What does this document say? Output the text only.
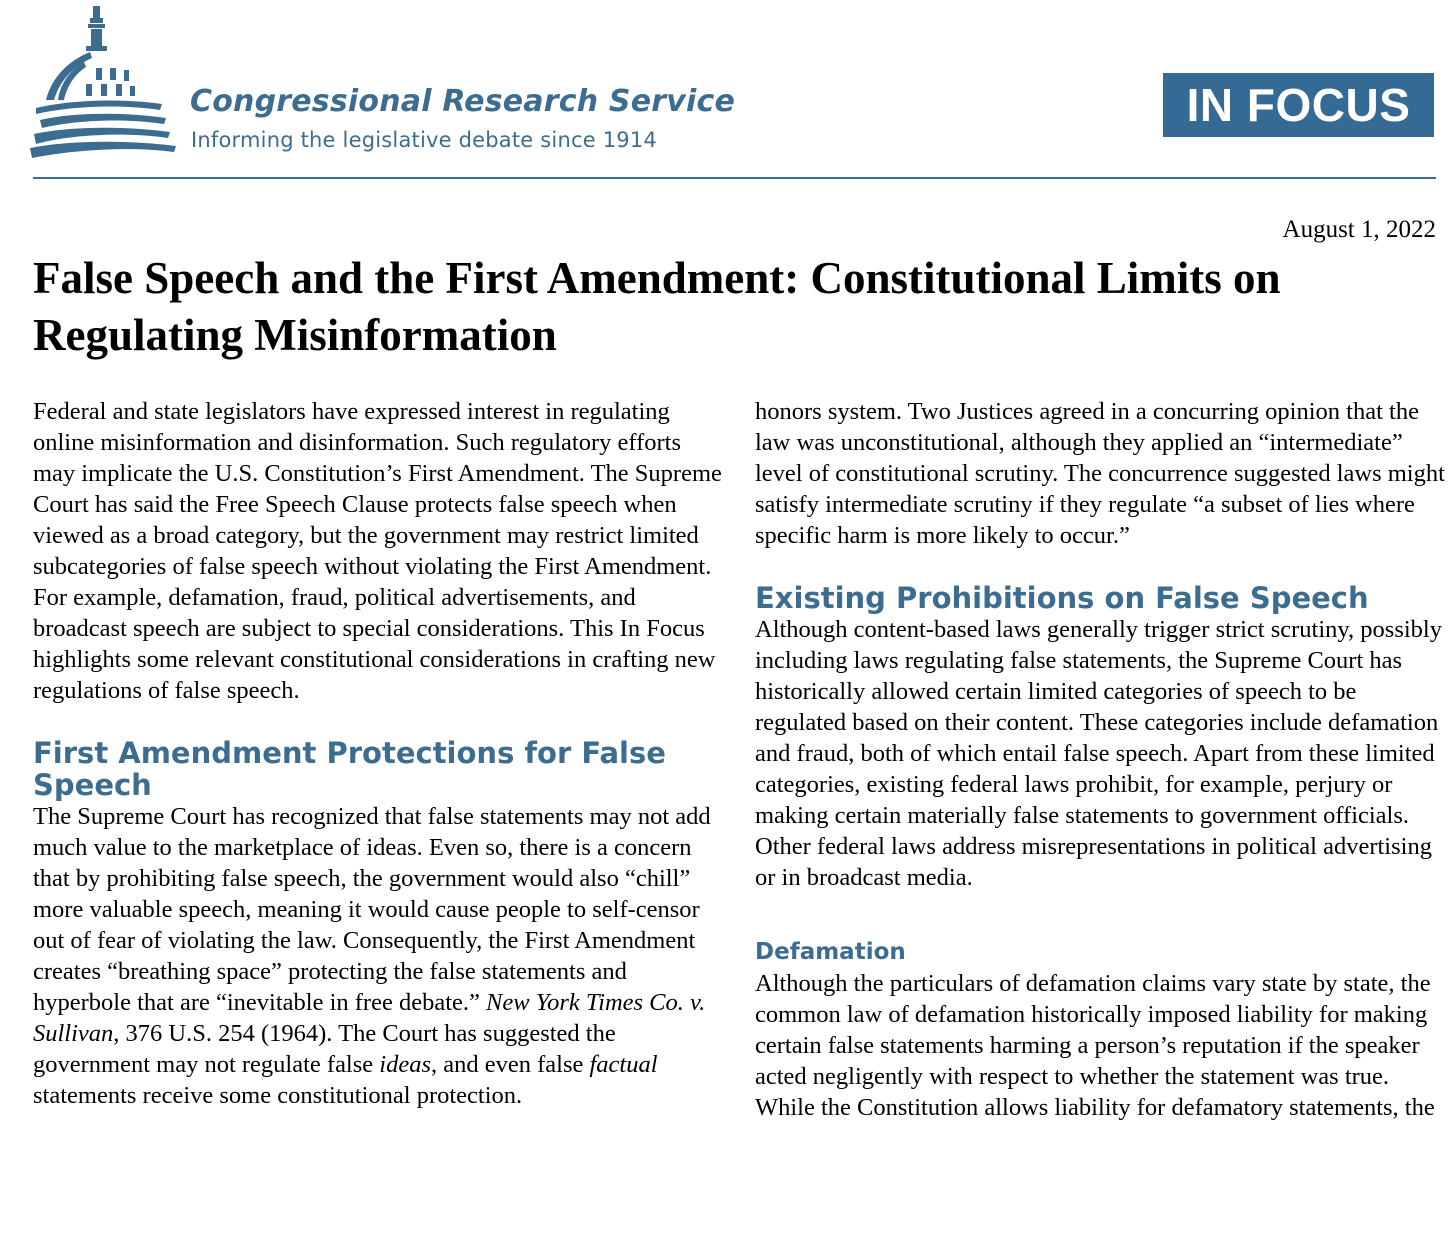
Congressional Research Service

Informing the legislative debate since 1914

IN FOCUS
August 1, 2022
False Speech and the First Amendment: Constitutional Limits on Regulating Misinformation

Federal and state legislators have expressed interest in regulating online misinformation and disinformation. Such regulatory efforts may implicate the U.S. Constitution’s First Amendment. The Supreme Court has said the Free Speech Clause protects false speech when viewed as a broad category, but the government may restrict limited subcategories of false speech without violating the First Amendment. For example, defamation, fraud, political advertisements, and broadcast speech are subject to special considerations. This In Focus highlights some relevant constitutional considerations in crafting new regulations of false speech.

First Amendment Protections for False Speech

The Supreme Court has recognized that false statements may not add much value to the marketplace of ideas. Even so, there is a concern that by prohibiting false speech, the government would also “chill” more valuable speech, meaning it would cause people to self-censor out of fear of violating the law. Consequently, the First Amendment creates “breathing space” protecting the false statements and hyperbole that are “inevitable in free debate.” New York Times Co. v. Sullivan, 376 U.S. 254 (1964). The Court has suggested the government may not regulate false ideas, and even false factual statements receive some constitutional protection.

honors system. Two Justices agreed in a concurring opinion that the law was unconstitutional, although they applied an “intermediate” level of constitutional scrutiny. The concurrence suggested laws might satisfy intermediate scrutiny if they regulate “a subset of lies where specific harm is more likely to occur.”

Existing Prohibitions on False Speech

Although content-based laws generally trigger strict scrutiny, possibly including laws regulating false statements, the Supreme Court has historically allowed certain limited categories of speech to be regulated based on their content. These categories include defamation and fraud, both of which entail false speech. Apart from these limited categories, existing federal laws prohibit, for example, perjury or making certain materially false statements to government officials. Other federal laws address misrepresentations in political advertising or in broadcast media.

Defamation

Although the particulars of defamation claims vary state by state, the common law of defamation historically imposed liability for making certain false statements harming a person’s reputation if the speaker acted negligently with respect to whether the statement was true. While the Constitution allows liability for defamatory statements, the
